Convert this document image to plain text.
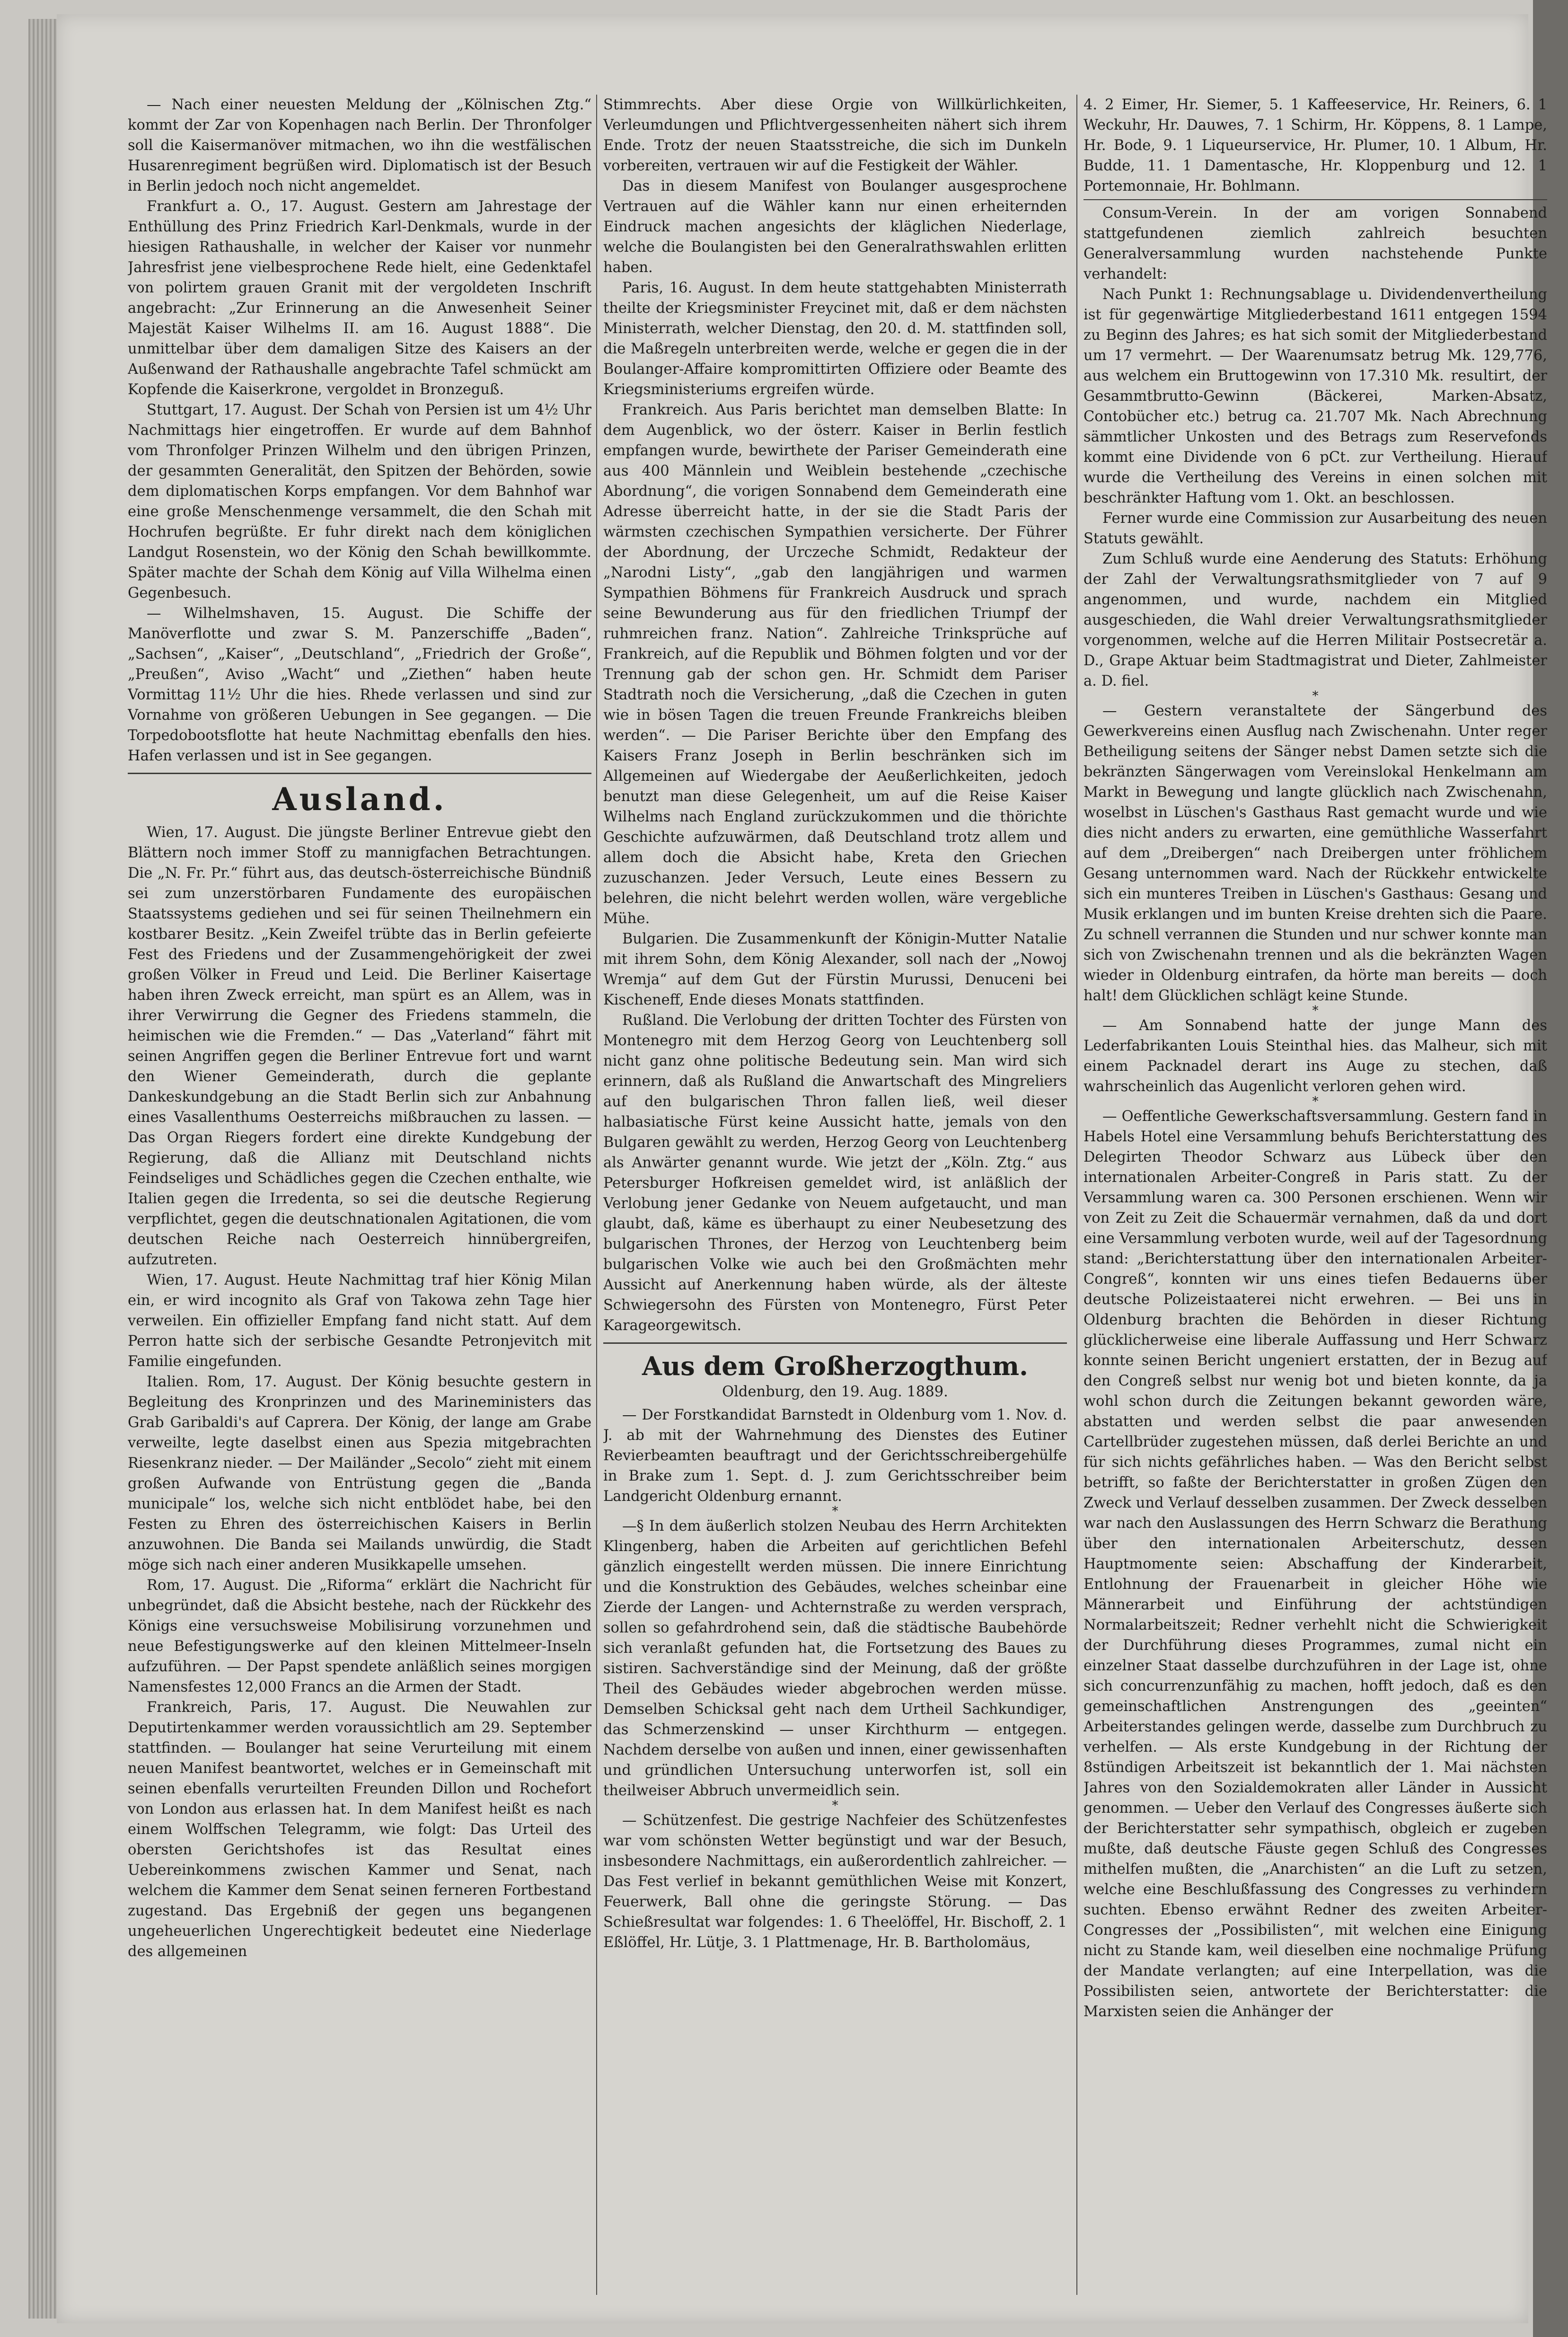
— Nach einer neuesten Meldung der „Kölnischen Ztg.“ kommt der Zar von Kopenhagen nach Berlin. Der Thronfolger soll die Kaisermanöver mitmachen, wo ihn die westfälischen Husarenregiment begrüßen wird. Diplomatisch ist der Besuch in Berlin jedoch noch nicht angemeldet.

Frankfurt a. O., 17. August. Gestern am Jahrestage der Enthüllung des Prinz Friedrich Karl-Denkmals, wurde in der hiesigen Rathaushalle, in welcher der Kaiser vor nunmehr Jahresfrist jene vielbesprochene Rede hielt, eine Gedenktafel von polirtem grauen Granit mit der vergoldeten Inschrift angebracht: „Zur Erinnerung an die Anwesenheit Seiner Majestät Kaiser Wilhelms II. am 16. August 1888“. Die unmittelbar über dem damaligen Sitze des Kaisers an der Außenwand der Rathaushalle angebrachte Tafel schmückt am Kopfende die Kaiserkrone, vergoldet in Bronzeguß.

Stuttgart, 17. August. Der Schah von Persien ist um 4½ Uhr Nachmittags hier eingetroffen. Er wurde auf dem Bahnhof vom Thronfolger Prinzen Wilhelm und den übrigen Prinzen, der gesammten Generalität, den Spitzen der Behörden, sowie dem diplomatischen Korps empfangen. Vor dem Bahnhof war eine große Menschenmenge versammelt, die den Schah mit Hochrufen begrüßte. Er fuhr direkt nach dem königlichen Landgut Rosenstein, wo der König den Schah bewillkommte. Später machte der Schah dem König auf Villa Wilhelma einen Gegenbesuch.

— Wilhelmshaven, 15. August. Die Schiffe der Manöverflotte und zwar S. M. Panzerschiffe „Baden“, „Sachsen“, „Kaiser“, „Deutschland“, „Friedrich der Große“, „Preußen“, Aviso „Wacht“ und „Ziethen“ haben heute Vormittag 11½ Uhr die hies. Rhede verlassen und sind zur Vornahme von größeren Uebungen in See gegangen. — Die Torpedobootsflotte hat heute Nachmittag ebenfalls den hies. Hafen verlassen und ist in See gegangen.

Ausland.

Wien, 17. August. Die jüngste Berliner Entrevue giebt den Blättern noch immer Stoff zu mannigfachen Betrachtungen. Die „N. Fr. Pr.“ führt aus, das deutsch-österreichische Bündniß sei zum unzerstörbaren Fundamente des europäischen Staatssystems gediehen und sei für seinen Theilnehmern ein kostbarer Besitz. „Kein Zweifel trübte das in Berlin gefeierte Fest des Friedens und der Zusammengehörigkeit der zwei großen Völker in Freud und Leid. Die Berliner Kaisertage haben ihren Zweck erreicht, man spürt es an Allem, was in ihrer Verwirrung die Gegner des Friedens stammeln, die heimischen wie die Fremden.“ — Das „Vaterland“ fährt mit seinen Angriffen gegen die Berliner Entrevue fort und warnt den Wiener Gemeinderath, durch die geplante Dankeskundgebung an die Stadt Berlin sich zur Anbahnung eines Vasallenthums Oesterreichs mißbrauchen zu lassen. — Das Organ Riegers fordert eine direkte Kundgebung der Regierung, daß die Allianz mit Deutschland nichts Feindseliges und Schädliches gegen die Czechen enthalte, wie Italien gegen die Irredenta, so sei die deutsche Regierung verpflichtet, gegen die deutschnationalen Agitationen, die vom deutschen Reiche nach Oesterreich hinnübergreifen, aufzutreten.

Wien, 17. August. Heute Nachmittag traf hier König Milan ein, er wird incognito als Graf von Takowa zehn Tage hier verweilen. Ein offizieller Empfang fand nicht statt. Auf dem Perron hatte sich der serbische Gesandte Petronjevitch mit Familie eingefunden.

Italien. Rom, 17. August. Der König besuchte gestern in Begleitung des Kronprinzen und des Marineministers das Grab Garibaldi's auf Caprera. Der König, der lange am Grabe verweilte, legte daselbst einen aus Spezia mitgebrachten Riesenkranz nieder. — Der Mailänder „Secolo“ zieht mit einem großen Aufwande von Entrüstung gegen die „Banda municipale“ los, welche sich nicht entblödet habe, bei den Festen zu Ehren des österreichischen Kaisers in Berlin anzuwohnen. Die Banda sei Mailands unwürdig, die Stadt möge sich nach einer anderen Musikkapelle umsehen.

Rom, 17. August. Die „Riforma“ erklärt die Nachricht für unbegründet, daß die Absicht bestehe, nach der Rückkehr des Königs eine versuchsweise Mobilisirung vorzunehmen und neue Befestigungswerke auf den kleinen Mittelmeer-Inseln aufzuführen. — Der Papst spendete anläßlich seines morgigen Namensfestes 12,000 Francs an die Armen der Stadt.

Frankreich, Paris, 17. August. Die Neuwahlen zur Deputirtenkammer werden voraussichtlich am 29. September stattfinden. — Boulanger hat seine Verurteilung mit einem neuen Manifest beantwortet, welches er in Gemeinschaft mit seinen ebenfalls verurteilten Freunden Dillon und Rochefort von London aus erlassen hat. In dem Manifest heißt es nach einem Wolffschen Telegramm, wie folgt: Das Urteil des obersten Gerichtshofes ist das Resultat eines Uebereinkommens zwischen Kammer und Senat, nach welchem die Kammer dem Senat seinen ferneren Fortbestand zugestand. Das Ergebniß der gegen uns begangenen ungeheuerlichen Ungerechtigkeit bedeutet eine Niederlage des allgemeinen

Stimmrechts. Aber diese Orgie von Willkürlichkeiten, Verleumdungen und Pflichtvergessenheiten nähert sich ihrem Ende. Trotz der neuen Staatsstreiche, die sich im Dunkeln vorbereiten, vertrauen wir auf die Festigkeit der Wähler.

Das in diesem Manifest von Boulanger ausgesprochene Vertrauen auf die Wähler kann nur einen erheiternden Eindruck machen angesichts der kläglichen Niederlage, welche die Boulangisten bei den Generalrathswahlen erlitten haben.

Paris, 16. August. In dem heute stattgehabten Ministerrath theilte der Kriegsminister Freycinet mit, daß er dem nächsten Ministerrath, welcher Dienstag, den 20. d. M. stattfinden soll, die Maßregeln unterbreiten werde, welche er gegen die in der Boulanger-Affaire kompromittirten Offiziere oder Beamte des Kriegsministeriums ergreifen würde.

Frankreich. Aus Paris berichtet man demselben Blatte: In dem Augenblick, wo der österr. Kaiser in Berlin festlich empfangen wurde, bewirthete der Pariser Gemeinderath eine aus 400 Männlein und Weiblein bestehende „czechische Abordnung“, die vorigen Sonnabend dem Gemeinderath eine Adresse überreicht hatte, in der sie die Stadt Paris der wärmsten czechischen Sympathien versicherte. Der Führer der Abordnung, der Urczeche Schmidt, Redakteur der „Narodni Listy“, „gab den langjährigen und warmen Sympathien Böhmens für Frankreich Ausdruck und sprach seine Bewunderung aus für den friedlichen Triumpf der ruhmreichen franz. Nation“. Zahlreiche Trinksprüche auf Frankreich, auf die Republik und Böhmen folgten und vor der Trennung gab der schon gen. Hr. Schmidt dem Pariser Stadtrath noch die Versicherung, „daß die Czechen in guten wie in bösen Tagen die treuen Freunde Frankreichs bleiben werden“. — Die Pariser Berichte über den Empfang des Kaisers Franz Joseph in Berlin beschränken sich im Allgemeinen auf Wiedergabe der Aeußerlichkeiten, jedoch benutzt man diese Gelegenheit, um auf die Reise Kaiser Wilhelms nach England zurückzukommen und die thörichte Geschichte aufzuwärmen, daß Deutschland trotz allem und allem doch die Absicht habe, Kreta den Griechen zuzuschanzen. Jeder Versuch, Leute eines Bessern zu belehren, die nicht belehrt werden wollen, wäre vergebliche Mühe.

Bulgarien. Die Zusammenkunft der Königin-Mutter Natalie mit ihrem Sohn, dem König Alexander, soll nach der „Nowoj Wremja“ auf dem Gut der Fürstin Murussi, Denuceni bei Kischeneff, Ende dieses Monats stattfinden.

Rußland. Die Verlobung der dritten Tochter des Fürsten von Montenegro mit dem Herzog Georg von Leuchtenberg soll nicht ganz ohne politische Bedeutung sein. Man wird sich erinnern, daß als Rußland die Anwartschaft des Mingreliers auf den bulgarischen Thron fallen ließ, weil dieser halbasiatische Fürst keine Aussicht hatte, jemals von den Bulgaren gewählt zu werden, Herzog Georg von Leuchtenberg als Anwärter genannt wurde. Wie jetzt der „Köln. Ztg.“ aus Petersburger Hofkreisen gemeldet wird, ist anläßlich der Verlobung jener Gedanke von Neuem aufgetaucht, und man glaubt, daß, käme es überhaupt zu einer Neubesetzung des bulgarischen Thrones, der Herzog von Leuchtenberg beim bulgarischen Volke wie auch bei den Großmächten mehr Aussicht auf Anerkennung haben würde, als der älteste Schwiegersohn des Fürsten von Montenegro, Fürst Peter Karageorgewitsch.

Aus dem Großherzogthum.
Oldenburg, den 19. Aug. 1889.

— Der Forstkandidat Barnstedt in Oldenburg vom 1. Nov. d. J. ab mit der Wahrnehmung des Dienstes des Eutiner Revierbeamten beauftragt und der Gerichtsschreibergehülfe in Brake zum 1. Sept. d. J. zum Gerichtsschreiber beim Landgericht Oldenburg ernannt.

*

—§ In dem äußerlich stolzen Neubau des Herrn Architekten Klingenberg, haben die Arbeiten auf gerichtlichen Befehl gänzlich eingestellt werden müssen. Die innere Einrichtung und die Konstruktion des Gebäudes, welches scheinbar eine Zierde der Langen- und Achternstraße zu werden versprach, sollen so gefahrdrohend sein, daß die städtische Baubehörde sich veranlaßt gefunden hat, die Fortsetzung des Baues zu sistiren. Sachverständige sind der Meinung, daß der größte Theil des Gebäudes wieder abgebrochen werden müsse. Demselben Schicksal geht nach dem Urtheil Sachkundiger, das Schmerzenskind — unser Kirchthurm — entgegen. Nachdem derselbe von außen und innen, einer gewissenhaften und gründlichen Untersuchung unterworfen ist, soll ein theilweiser Abbruch unvermeidlich sein.

*

— Schützenfest. Die gestrige Nachfeier des Schützenfestes war vom schönsten Wetter begünstigt und war der Besuch, insbesondere Nachmittags, ein außerordentlich zahlreicher. — Das Fest verlief in bekannt gemüthlichen Weise mit Konzert, Feuerwerk, Ball ohne die geringste Störung. — Das Schießresultat war folgendes: 1. 6 Theelöffel, Hr. Bischoff, 2. 1 Eßlöffel, Hr. Lütje, 3. 1 Plattmenage, Hr. B. Bartholomäus,

4. 2 Eimer, Hr. Siemer, 5. 1 Kaffeeservice, Hr. Reiners, 6. 1 Weckuhr, Hr. Dauwes, 7. 1 Schirm, Hr. Köppens, 8. 1 Lampe, Hr. Bode, 9. 1 Liqueurservice, Hr. Plumer, 10. 1 Album, Hr. Budde, 11. 1 Damentasche, Hr. Kloppenburg und 12. 1 Portemonnaie, Hr. Bohlmann.

Consum-Verein. In der am vorigen Sonnabend stattgefundenen ziemlich zahlreich besuchten Generalversammlung wurden nachstehende Punkte verhandelt:

Nach Punkt 1: Rechnungsablage u. Dividendenvertheilung ist für gegenwärtige Mitgliederbestand 1611 entgegen 1594 zu Beginn des Jahres; es hat sich somit der Mitgliederbestand um 17 vermehrt. — Der Waarenumsatz betrug Mk. 129,776, aus welchem ein Bruttogewinn von 17.310 Mk. resultirt, der Gesammtbrutto-Gewinn (Bäckerei, Marken-Absatz, Contobücher etc.) betrug ca. 21.707 Mk. Nach Abrechnung sämmtlicher Unkosten und des Betrags zum Reservefonds kommt eine Dividende von 6 pCt. zur Vertheilung. Hierauf wurde die Vertheilung des Vereins in einen solchen mit beschränkter Haftung vom 1. Okt. an beschlossen.

Ferner wurde eine Commission zur Ausarbeitung des neuen Statuts gewählt.

Zum Schluß wurde eine Aenderung des Statuts: Erhöhung der Zahl der Verwaltungsrathsmitglieder von 7 auf 9 angenommen, und wurde, nachdem ein Mitglied ausgeschieden, die Wahl dreier Verwaltungsrathsmitglieder vorgenommen, welche auf die Herren Militair Postsecretär a. D., Grape Aktuar beim Stadtmagistrat und Dieter, Zahlmeister a. D. fiel.

*

— Gestern veranstaltete der Sängerbund des Gewerkvereins einen Ausflug nach Zwischenahn. Unter reger Betheiligung seitens der Sänger nebst Damen setzte sich die bekränzten Sängerwagen vom Vereinslokal Henkelmann am Markt in Bewegung und langte glücklich nach Zwischenahn, woselbst in Lüschen's Gasthaus Rast gemacht wurde und wie dies nicht anders zu erwarten, eine gemüthliche Wasserfahrt auf dem „Dreibergen“ nach Dreibergen unter fröhlichem Gesang unternommen ward. Nach der Rückkehr entwickelte sich ein munteres Treiben in Lüschen's Gasthaus: Gesang und Musik erklangen und im bunten Kreise drehten sich die Paare. Zu schnell verrannen die Stunden und nur schwer konnte man sich von Zwischenahn trennen und als die bekränzten Wagen wieder in Oldenburg eintrafen, da hörte man bereits — doch halt! dem Glücklichen schlägt keine Stunde.

*

— Am Sonnabend hatte der junge Mann des Lederfabrikanten Louis Steinthal hies. das Malheur, sich mit einem Packnadel derart ins Auge zu stechen, daß wahrscheinlich das Augenlicht verloren gehen wird.

*

— Oeffentliche Gewerkschaftsversammlung. Gestern fand in Habels Hotel eine Versammlung behufs Berichterstattung des Delegirten Theodor Schwarz aus Lübeck über den internationalen Arbeiter-Congreß in Paris statt. Zu der Versammlung waren ca. 300 Personen erschienen. Wenn wir von Zeit zu Zeit die Schauermär vernahmen, daß da und dort eine Versammlung verboten wurde, weil auf der Tagesordnung stand: „Berichterstattung über den internationalen Arbeiter-Congreß“, konnten wir uns eines tiefen Bedauerns über deutsche Polizeistaaterei nicht erwehren. — Bei uns in Oldenburg brachten die Behörden in dieser Richtung glücklicherweise eine liberale Auffassung und Herr Schwarz konnte seinen Bericht ungeniert erstatten, der in Bezug auf den Congreß selbst nur wenig bot und bieten konnte, da ja wohl schon durch die Zeitungen bekannt geworden wäre, abstatten und werden selbst die paar anwesenden Cartellbrüder zugestehen müssen, daß derlei Berichte an und für sich nichts gefährliches haben. — Was den Bericht selbst betrifft, so faßte der Berichterstatter in großen Zügen den Zweck und Verlauf desselben zusammen. Der Zweck desselben war nach den Auslassungen des Herrn Schwarz die Berathung über den internationalen Arbeiterschutz, dessen Hauptmomente seien: Abschaffung der Kinderarbeit, Entlohnung der Frauenarbeit in gleicher Höhe wie Männerarbeit und Einführung der achtstündigen Normalarbeitszeit; Redner verhehlt nicht die Schwierigkeit der Durchführung dieses Programmes, zumal nicht ein einzelner Staat dasselbe durchzuführen in der Lage ist, ohne sich concurrenzunfähig zu machen, hofft jedoch, daß es den gemeinschaftlichen Anstrengungen des „geeinten“ Arbeiterstandes gelingen werde, dasselbe zum Durchbruch zu verhelfen. — Als erste Kundgebung in der Richtung der 8stündigen Arbeitszeit ist bekanntlich der 1. Mai nächsten Jahres von den Sozialdemokraten aller Länder in Aussicht genommen. — Ueber den Verlauf des Congresses äußerte sich der Berichterstatter sehr sympathisch, obgleich er zugeben mußte, daß deutsche Fäuste gegen Schluß des Congresses mithelfen mußten, die „Anarchisten“ an die Luft zu setzen, welche eine Beschlußfassung des Congresses zu verhindern suchten. Ebenso erwähnt Redner des zweiten Arbeiter-Congresses der „Possibilisten“, mit welchen eine Einigung nicht zu Stande kam, weil dieselben eine nochmalige Prüfung der Mandate verlangten; auf eine Interpellation, was die Possibilisten seien, antwortete der Berichterstatter: die Marxisten seien die Anhänger der
